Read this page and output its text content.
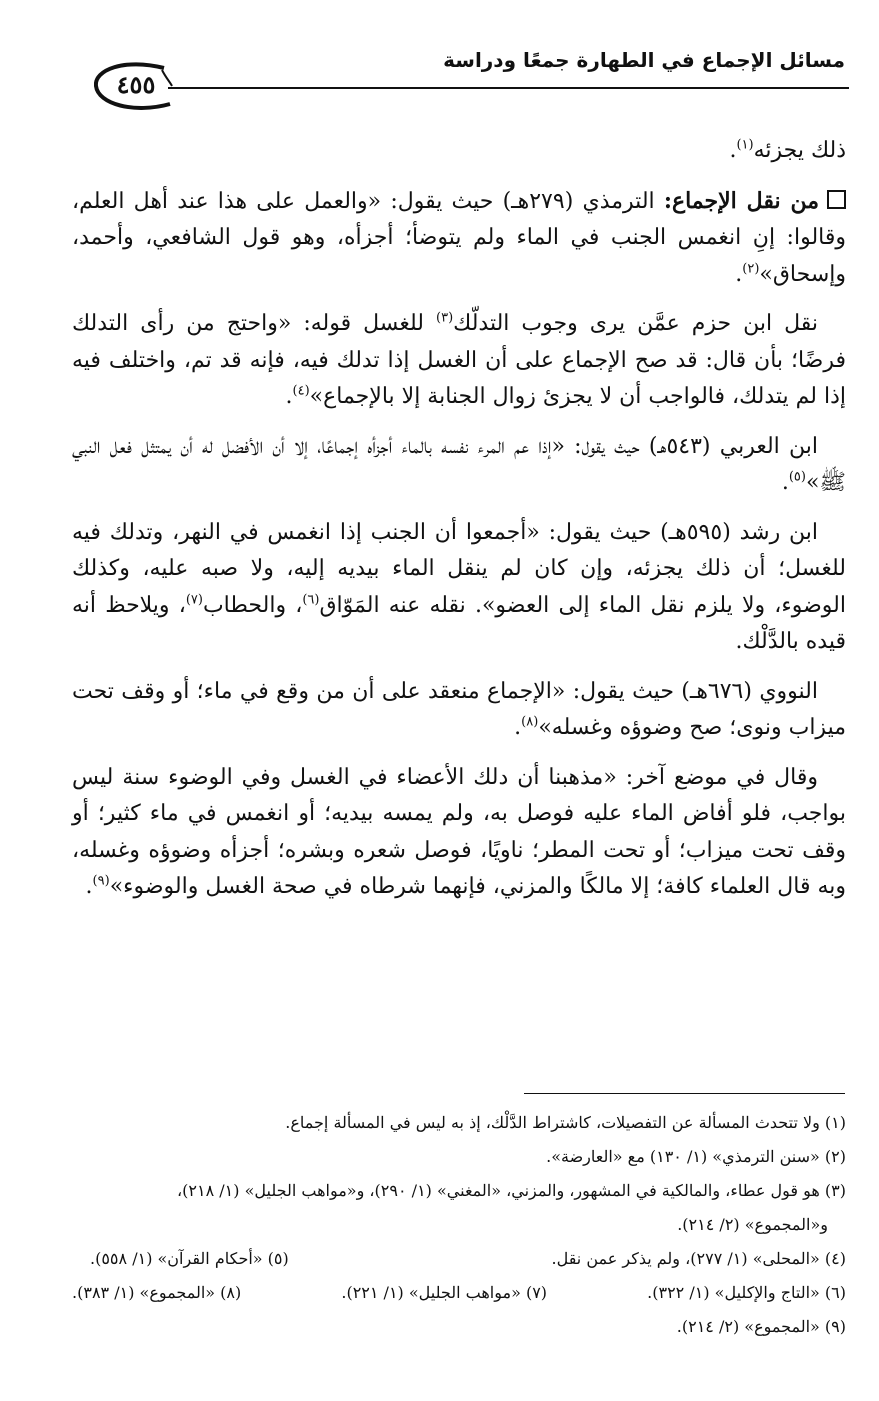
مسائل الإجماع في الطهارة جمعًا ودراسة
٤٥٥

ذلك يجزئه$^{(١)}$.

من نقل الإجماع: الترمذي (٢٧٩هـ) حيث يقول: «والعمل على هذا عند أهل العلم، وقالوا: إنِ انغمس الجنب في الماء ولم يتوضأ؛ أجزأه، وهو قول الشافعي، وأحمد، وإسحاق»$^{(٢)}$.

نقل ابن حزم عمَّن يرى وجوب التدلّك$^{(٣)}$ للغسل قوله: «واحتج من رأى التدلك فرضًا؛ بأن قال: قد صح الإجماع على أن الغسل إذا تدلك فيه، فإنه قد تم، واختلف فيه إذا لم يتدلك، فالواجب أن لا يجزئ زوال الجنابة إلا بالإجماع»$^{(٤)}$.

ابن العربي (٥٤٣هـ) حيث يقول: «إذا عم المرء نفسه بالماء أجزأه إجماعًا، إلا أن الأفضل له أن يمتثل فعل النبي ﷺ»$^{(٥)}$.

ابن رشد (٥٩٥هـ) حيث يقول: «أجمعوا أن الجنب إذا انغمس في النهر، وتدلك فيه للغسل؛ أن ذلك يجزئه، وإن كان لم ينقل الماء بيديه إليه، ولا صبه عليه، وكذلك الوضوء، ولا يلزم نقل الماء إلى العضو». نقله عنه المَوّاق$^{(٦)}$، والحطاب$^{(٧)}$، ويلاحظ أنه قيده بالدَّلْك.

النووي (٦٧٦هـ) حيث يقول: «الإجماع منعقد على أن من وقع في ماء؛ أو وقف تحت ميزاب ونوى؛ صح وضوؤه وغسله»$^{(٨)}$.

وقال في موضع آخر: «مذهبنا أن دلك الأعضاء في الغسل وفي الوضوء سنة ليس بواجب، فلو أفاض الماء عليه فوصل به، ولم يمسه بيديه؛ أو انغمس في ماء كثير؛ أو وقف تحت ميزاب؛ أو تحت المطر؛ ناويًا، فوصل شعره وبشره؛ أجزأه وضوؤه وغسله، وبه قال العلماء كافة؛ إلا مالكًا والمزني، فإنهما شرطاه في صحة الغسل والوضوء»$^{(٩)}$.

(١) ولا تتحدث المسألة عن التفصيلات، كاشتراط الدَّلْك، إذ به ليس في المسألة إجماع.

(٢) «سنن الترمذي» (١/ ١٣٠) مع «العارضة».

(٣) هو قول عطاء، والمالكية في المشهور، والمزني، «المغني» (١/ ٢٩٠)، و«مواهب الجليل» (١/ ٢١٨)،

و«المجموع» (٢/ ٢١٤).

(٤) «المحلى» (١/ ٢٧٧)، ولم يذكر عمن نقل.
(٥) «أحكام القرآن» (١/ ٥٥٨).
(٦) «التاج والإكليل» (١/ ٣٢٢).
(٧) «مواهب الجليل» (١/ ٢٢١).
(٨) «المجموع» (١/ ٣٨٣).

(٩) «المجموع» (٢/ ٢١٤).
